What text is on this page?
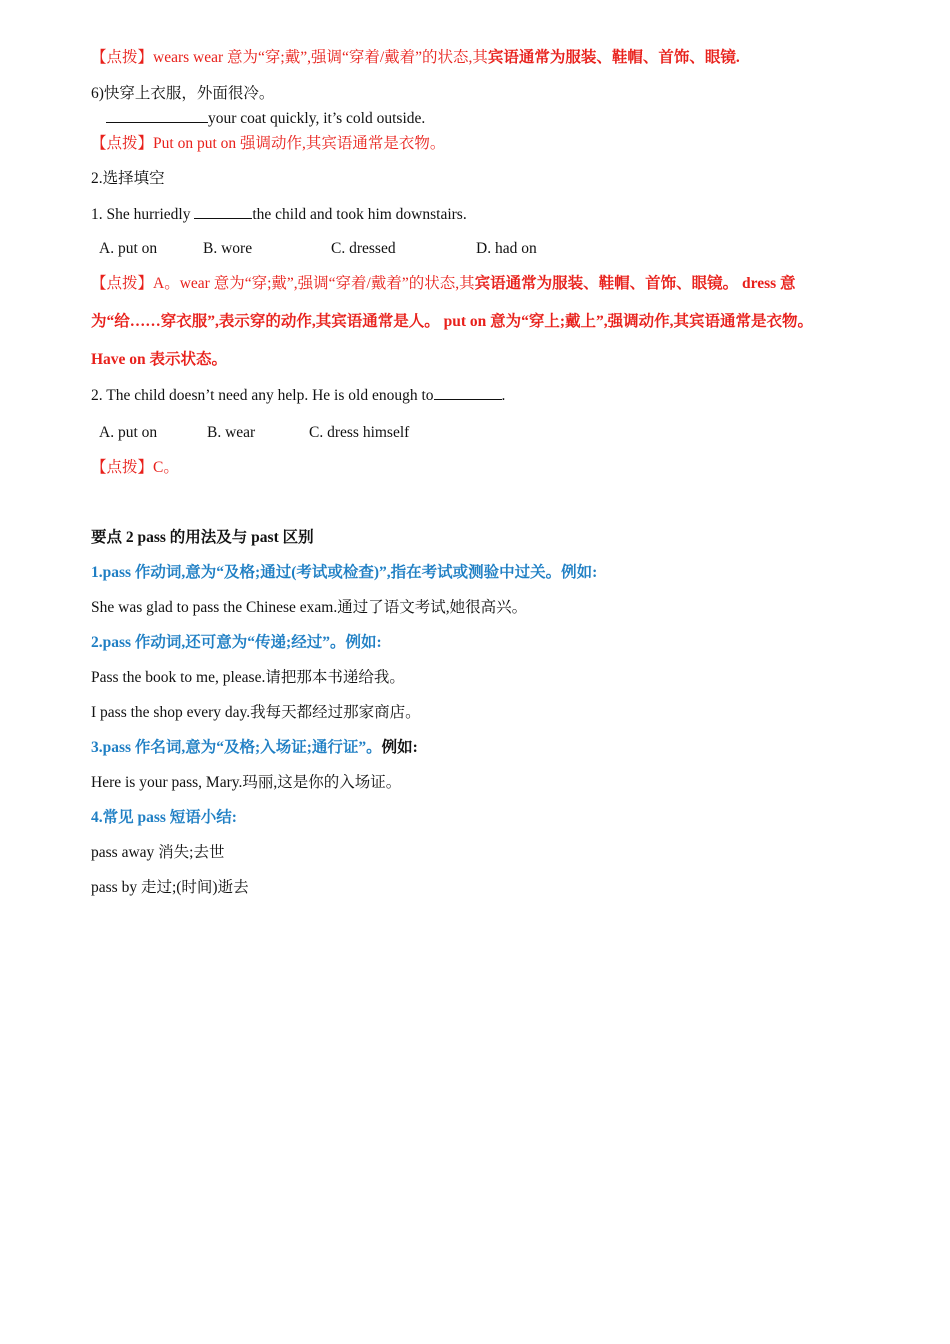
【点拨】wears wear 意为“穿;戴”,强调“穿着/戴着”的状态,其宾语通常为服装、鞋帽、首饰、眼镜.
6)快穿上衣服，外面很冷。
your coat quickly, it’s cold outside.
【点拨】Put on put on 强调动作,其宾语通常是衣物。
2.选择填空
1. She hurriedly	the child and took him downstairs.
A. put on	B. wore	C. dressed	D. had on
【点拨】A。wear 意为“穿;戴”,强调“穿着/戴着”的状态,其宾语通常为服装、鞋帽、首饰、眼镜。 dress 意
为“给……穿衣服”,表示穿的动作,其宾语通常是人。 put on 意为“穿上;戴上”,强调动作,其宾语通常是衣物。
Have on 表示状态。
2. The child doesn’t need any help. He is old enough to	.
A. put on	B. wear	C. dress himself
【点拨】C。
要点 2 pass 的用法及与 past 区别
1.pass 作动词,意为“及格;通过(考试或检查)”,指在考试或测验中过关。例如:
She was glad to pass the Chinese exam.通过了语文考试,她很高兴。
2.pass 作动词,还可意为“传递;经过”。例如:
Pass the book to me, please.请把那本书递给我。
I pass the shop every day.我每天都经过那家商店。
3.pass 作名词,意为“及格;入场证;通行证”。例如:
Here is your pass, Mary.玛丽,这是你的入场证。
4.常见 pass 短语小结:
pass away 消失;去世
pass by 走过;(时间)逝去
